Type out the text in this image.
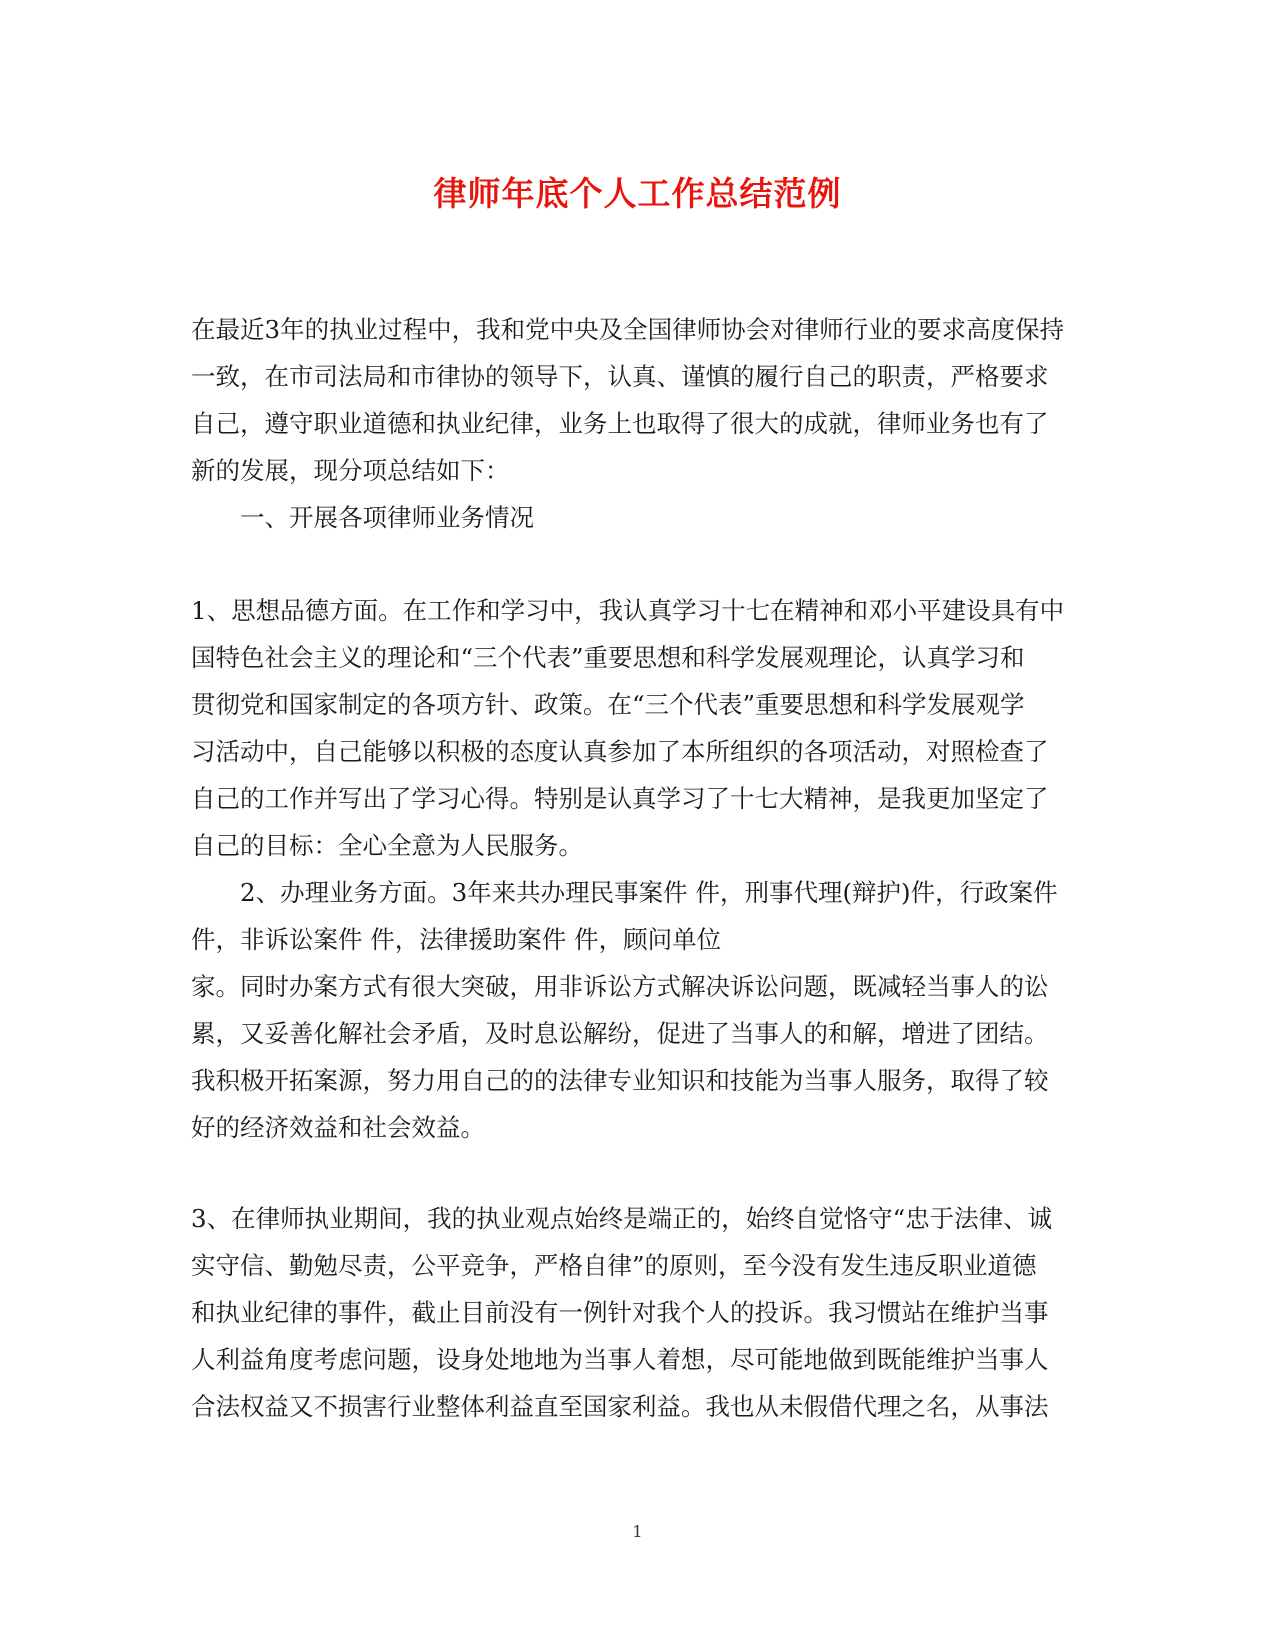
律师年底个人工作总结范例
在最近3年的执业过程中，我和党中央及全国律师协会对律师行业的要求高度保持
一致，在市司法局和市律协的领导下，认真、谨慎的履行自己的职责，严格要求
自己，遵守职业道德和执业纪律，业务上也取得了很大的成就，律师业务也有了
新的发展，现分项总结如下：
一、开展各项律师业务情况
1、思想品德方面。在工作和学习中，我认真学习十七在精神和邓小平建设具有中
国特色社会主义的理论和“三个代表”重要思想和科学发展观理论，认真学习和
贯彻党和国家制定的各项方针、政策。在“三个代表”重要思想和科学发展观学
习活动中，自己能够以积极的态度认真参加了本所组织的各项活动，对照检查了
自己的工作并写出了学习心得。特别是认真学习了十七大精神，是我更加坚定了
自己的目标：全心全意为人民服务。
2、办理业务方面。3年来共办理民事案件 件，刑事代理(辩护)件，行政案件
件，非诉讼案件 件，法律援助案件 件，顾问单位
家。同时办案方式有很大突破，用非诉讼方式解决诉讼问题，既减轻当事人的讼
累，又妥善化解社会矛盾，及时息讼解纷，促进了当事人的和解，增进了团结。
我积极开拓案源，努力用自己的的法律专业知识和技能为当事人服务，取得了较
好的经济效益和社会效益。
3、在律师执业期间，我的执业观点始终是端正的，始终自觉恪守“忠于法律、诚
实守信、勤勉尽责，公平竞争，严格自律”的原则，至今没有发生违反职业道德
和执业纪律的事件，截止目前没有一例针对我个人的投诉。我习惯站在维护当事
人利益角度考虑问题，设身处地地为当事人着想，尽可能地做到既能维护当事人
合法权益又不损害行业整体利益直至国家利益。我也从未假借代理之名，从事法
1
